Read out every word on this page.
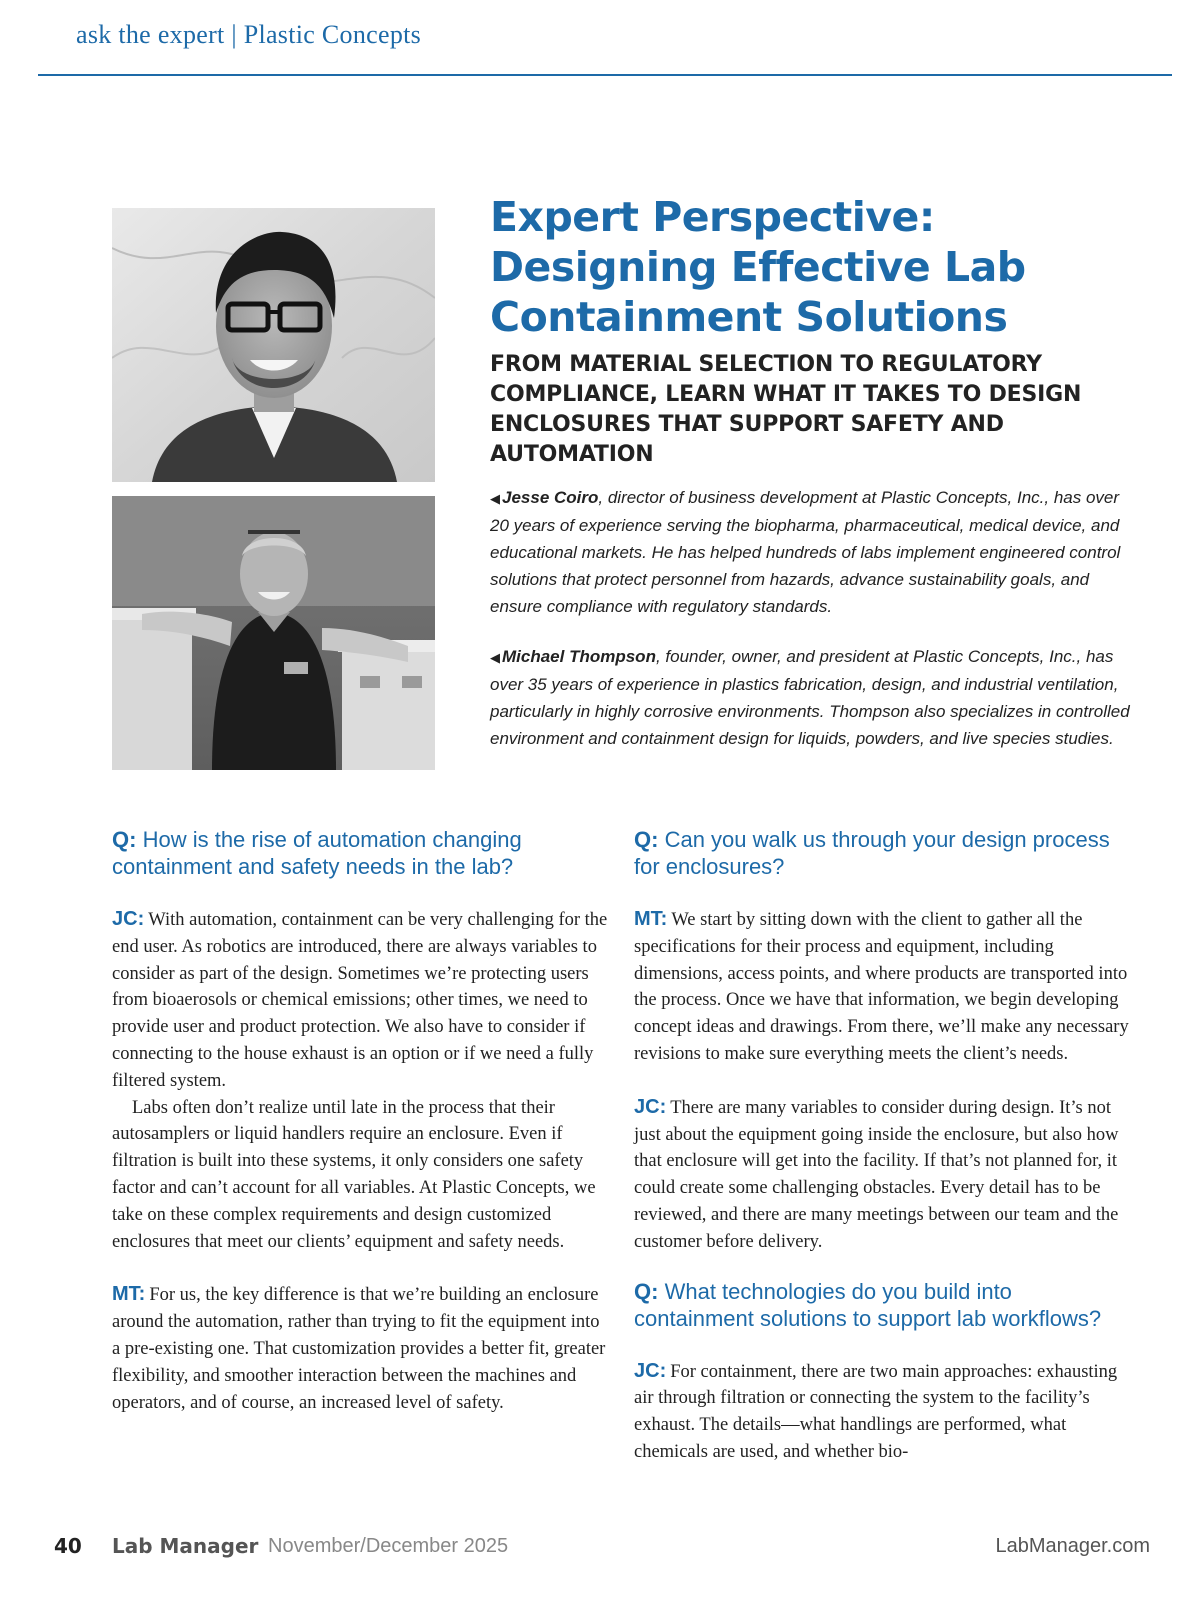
ask the expert | Plastic Concepts
Expert Perspective: Designing Effective Lab Containment Solutions
FROM MATERIAL SELECTION TO REGULATORY COMPLIANCE, LEARN WHAT IT TAKES TO DESIGN ENCLOSURES THAT SUPPORT SAFETY AND AUTOMATION
◀ Jesse Coiro, director of business development at Plastic Concepts, Inc., has over 20 years of experience serving the biopharma, pharmaceutical, medical device, and educational markets. He has helped hundreds of labs implement engineered control solutions that protect personnel from hazards, advance sustainability goals, and ensure compliance with regulatory standards.
◀ Michael Thompson, founder, owner, and president at Plastic Concepts, Inc., has over 35 years of experience in plastics fabrication, design, and industrial ventilation, particularly in highly corrosive environments. Thompson also specializes in controlled environment and containment design for liquids, powders, and live species studies.
Q: How is the rise of automation changing containment and safety needs in the lab?

JC: With automation, containment can be very challenging for the end user. As robotics are introduced, there are always variables to consider as part of the design. Sometimes we’re protecting users from bioaerosols or chemical emissions; other times, we need to provide user and product protection. We also have to consider if connecting to the house exhaust is an option or if we need a fully filtered system.

Labs often don’t realize until late in the process that their autosamplers or liquid handlers require an enclosure. Even if filtration is built into these systems, it only considers one safety factor and can’t account for all variables. At Plastic Concepts, we take on these complex requirements and design customized enclosures that meet our clients’ equipment and safety needs.

MT: For us, the key difference is that we’re building an enclosure around the automation, rather than trying to fit the equipment into a pre-existing one. That customization provides a better fit, greater flexibility, and smoother interaction between the machines and operators, and of course, an increased level of safety.

Q: Can you walk us through your design process for enclosures?

MT: We start by sitting down with the client to gather all the specifications for their process and equipment, including dimensions, access points, and where products are transported into the process. Once we have that information, we begin developing concept ideas and drawings. From there, we’ll make any necessary revisions to make sure everything meets the client’s needs.

JC: There are many variables to consider during design. It’s not just about the equipment going inside the enclosure, but also how that enclosure will get into the facility. If that’s not planned for, it could create some challenging obstacles. Every detail has to be reviewed, and there are many meetings between our team and the customer before delivery.

Q: What technologies do you build into containment solutions to support lab workflows?

JC: For containment, there are two main approaches: exhausting air through filtration or connecting the system to the facility’s exhaust. The details—what handlings are performed, what chemicals are used, and whether bio-

40 Lab Manager November/December 2025	LabManager.com
